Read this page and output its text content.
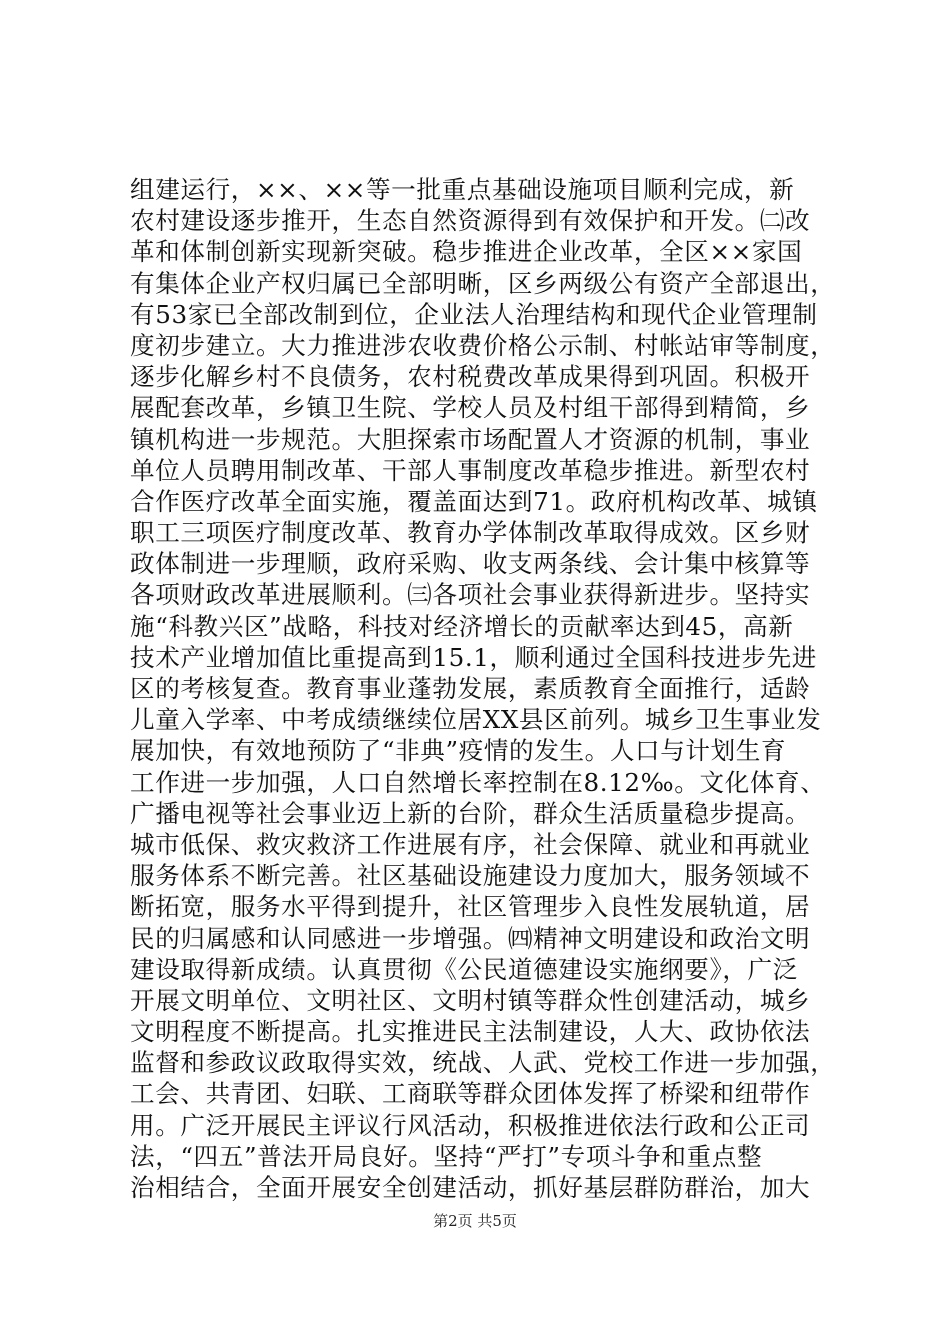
组建运行，××、××等一批重点基础设施项目顺利完成，新
农村建设逐步推开，生态自然资源得到有效保护和开发。㈡改
革和体制创新实现新突破。稳步推进企业改革，全区××家国
有集体企业产权归属已全部明晰，区乡两级公有资产全部退出，
有53家已全部改制到位，企业法人治理结构和现代企业管理制
度初步建立。大力推进涉农收费价格公示制、村帐站审等制度，
逐步化解乡村不良债务，农村税费改革成果得到巩固。积极开
展配套改革，乡镇卫生院、学校人员及村组干部得到精简，乡
镇机构进一步规范。大胆探索市场配置人才资源的机制，事业
单位人员聘用制改革、干部人事制度改革稳步推进。新型农村
合作医疗改革全面实施，覆盖面达到71。政府机构改革、城镇
职工三项医疗制度改革、教育办学体制改革取得成效。区乡财
政体制进一步理顺，政府采购、收支两条线、会计集中核算等
各项财政改革进展顺利。㈢各项社会事业获得新进步。坚持实
施“科教兴区”战略，科技对经济增长的贡献率达到45，高新
技术产业增加值比重提高到15.1，顺利通过全国科技进步先进
区的考核复查。教育事业蓬勃发展，素质教育全面推行，适龄
儿童入学率、中考成绩继续位居XX县区前列。城乡卫生事业发
展加快，有效地预防了“非典”疫情的发生。人口与计划生育
工作进一步加强，人口自然增长率控制在8.12‰。文化体育、
广播电视等社会事业迈上新的台阶，群众生活质量稳步提高。
城市低保、救灾救济工作进展有序，社会保障、就业和再就业
服务体系不断完善。社区基础设施建设力度加大，服务领域不
断拓宽，服务水平得到提升，社区管理步入良性发展轨道，居
民的归属感和认同感进一步增强。㈣精神文明建设和政治文明
建设取得新成绩。认真贯彻《公民道德建设实施纲要》，广泛
开展文明单位、文明社区、文明村镇等群众性创建活动，城乡
文明程度不断提高。扎实推进民主法制建设，人大、政协依法
监督和参政议政取得实效，统战、人武、党校工作进一步加强，
工会、共青团、妇联、工商联等群众团体发挥了桥梁和纽带作
用。广泛开展民主评议行风活动，积极推进依法行政和公正司
法，“四五”普法开局良好。坚持“严打”专项斗争和重点整
治相结合，全面开展安全创建活动，抓好基层群防群治，加大
第2页 共5页
